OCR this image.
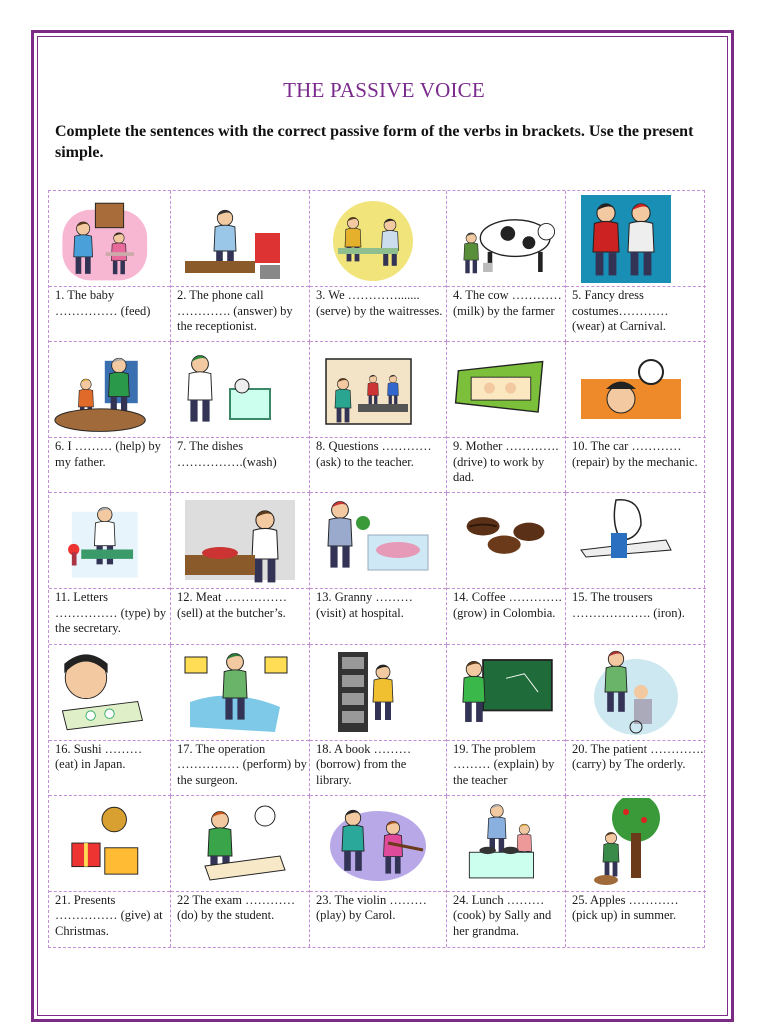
THE PASSIVE VOICE
Complete the sentences with the correct passive form of the verbs in brackets. Use the present simple.
1. The baby …………… (feed)
2. The phone call …………. (answer) by the receptionist.
3. We …………....... (serve) by the waitresses.
4. The cow ………… (milk) by the farmer
5. Fancy dress costumes………… (wear) at Carnival.
6. I ……… (help) by my father.
7. The dishes …………….(wash)
8. Questions ………… (ask) to the teacher.
9. Mother …………. (drive) to work by dad.
10. The car ………… (repair) by the mechanic.
11. Letters …………… (type) by the secretary.
12. Meat …………… (sell) at the butcher’s.
13. Granny ……… (visit) at hospital.
14. Coffee …………. (grow) in Colombia.
15. The trousers ………………. (iron).
16. Sushi ……… (eat) in Japan.
17. The operation …………… (perform) by the surgeon.
18. A book ……… (borrow) from the library.
19. The problem ……… (explain) by the teacher
20. The patient ………….(carry) by The orderly.
21. Presents …………… (give) at Christmas.
22 The exam ………… (do) by the student.
23. The violin ……… (play) by Carol.
24. Lunch ……… (cook) by Sally and her grandma.
25. Apples ………… (pick up) in summer.
